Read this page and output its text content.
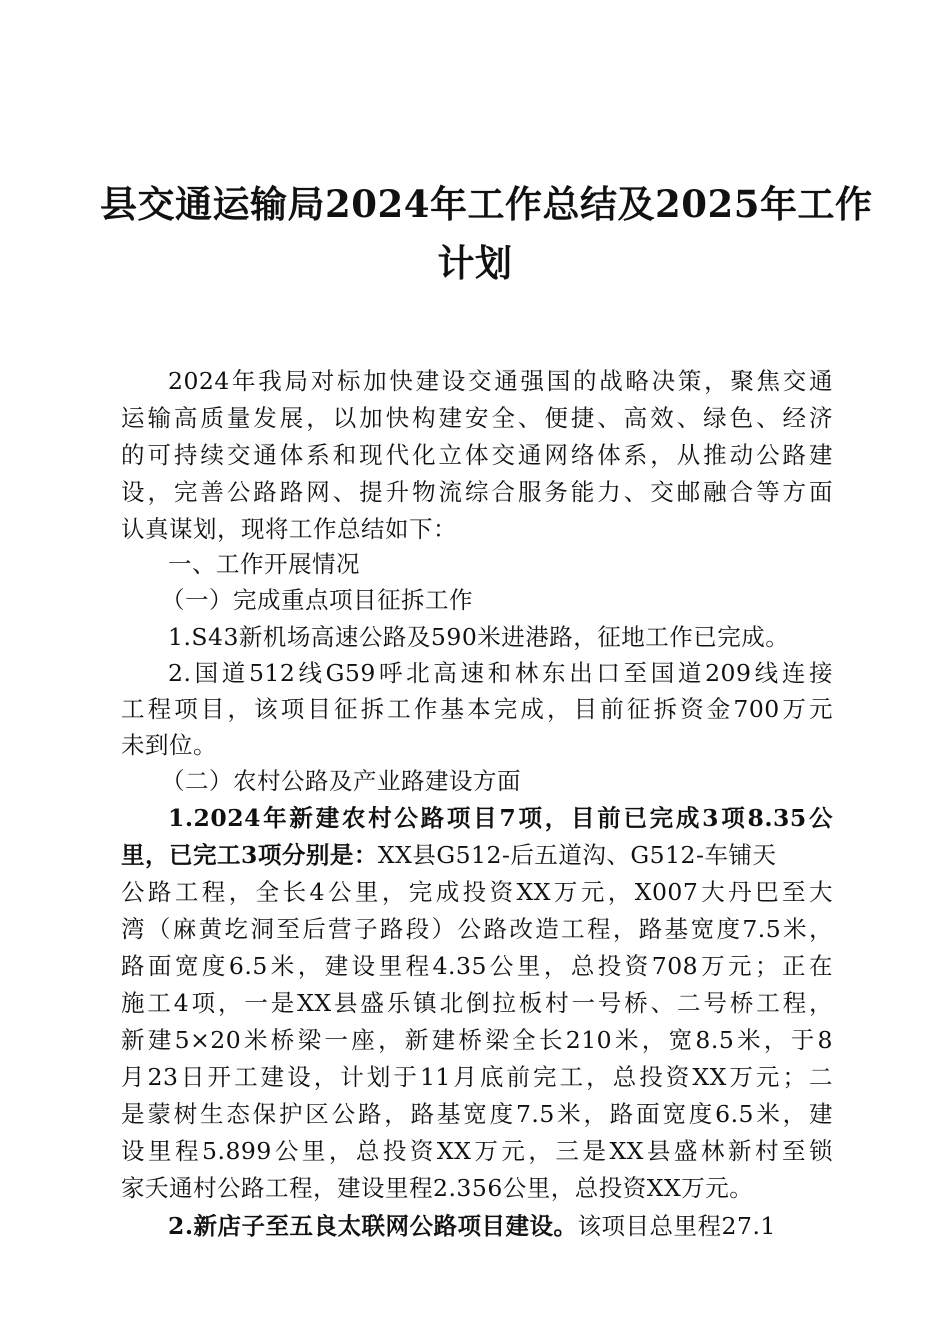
县交通运输局2024年工作总结及2025年工作
计划
2024年我局对标加快建设交通强国的战略决策，聚焦交通
运输高质量发展，以加快构建安全、便捷、高效、绿色、经济
的可持续交通体系和现代化立体交通网络体系，从推动公路建
设，完善公路路网、提升物流综合服务能力、交邮融合等方面
认真谋划，现将工作总结如下：
一、工作开展情况
（一）完成重点项目征拆工作
1.S43新机场高速公路及590米进港路，征地工作已完成。
2.国道512线G59呼北高速和林东出口至国道209线连接
工程项目，该项目征拆工作基本完成，目前征拆资金700万元
未到位。
（二）农村公路及产业路建设方面
1.2024年新建农村公路项目7项，目前已完成3项8.35公
里，已完工3项分别是：XX县G512-后五道沟、G512-车铺天
公路工程，全长4公里，完成投资XX万元，X007大丹巴至大
湾（麻黄圪洞至后营子路段）公路改造工程，路基宽度7.5米，
路面宽度6.5米，建设里程4.35公里，总投资708万元；正在
施工4项，一是XX县盛乐镇北倒拉板村一号桥、二号桥工程，
新建5×20米桥梁一座，新建桥梁全长210米，宽8.5米，于8
月23日开工建设，计划于11月底前完工，总投资XX万元；二
是蒙树生态保护区公路，路基宽度7.5米，路面宽度6.5米，建
设里程5.899公里，总投资XX万元，三是XX县盛林新村至锁
家夭通村公路工程，建设里程2.356公里，总投资XX万元。
2.新店子至五良太联网公路项目建设。该项目总里程27.1
